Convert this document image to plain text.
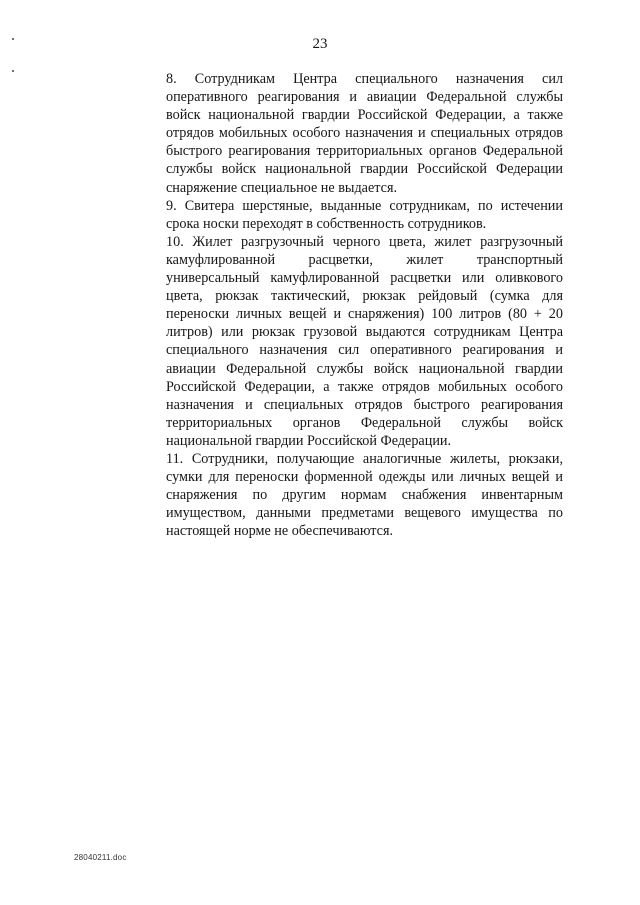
23

8. Сотрудникам Центра специального назначения сил оперативного реагирования и авиации Федеральной службы войск национальной гвардии Российской Федерации, а также отрядов мобильных особого назначения и специальных отрядов быстрого реагирования территориальных органов Федеральной службы войск национальной гвардии Российской Федерации снаряжение специальное не выдается.

9. Свитера шерстяные, выданные сотрудникам, по истечении срока носки переходят в собственность сотрудников.

10. Жилет разгрузочный черного цвета, жилет разгрузочный камуфлированной расцветки, жилет транспортный универсальный камуфлированной расцветки или оливкового цвета, рюкзак тактический, рюкзак рейдовый (сумка для переноски личных вещей и снаряжения) 100 литров (80 + 20 литров) или рюкзак грузовой выдаются сотрудникам Центра специального назначения сил оперативного реагирования и авиации Федеральной службы войск национальной гвардии Российской Федерации, а также отрядов мобильных особого назначения и специальных отрядов быстрого реагирования территориальных органов Федеральной службы войск национальной гвардии Российской Федерации.

11. Сотрудники, получающие аналогичные жилеты, рюкзаки, сумки для переноски форменной одежды или личных вещей и снаряжения по другим нормам снабжения инвентарным имуществом, данными предметами вещевого имущества по настоящей норме не обеспечиваются.

28040211.doc
